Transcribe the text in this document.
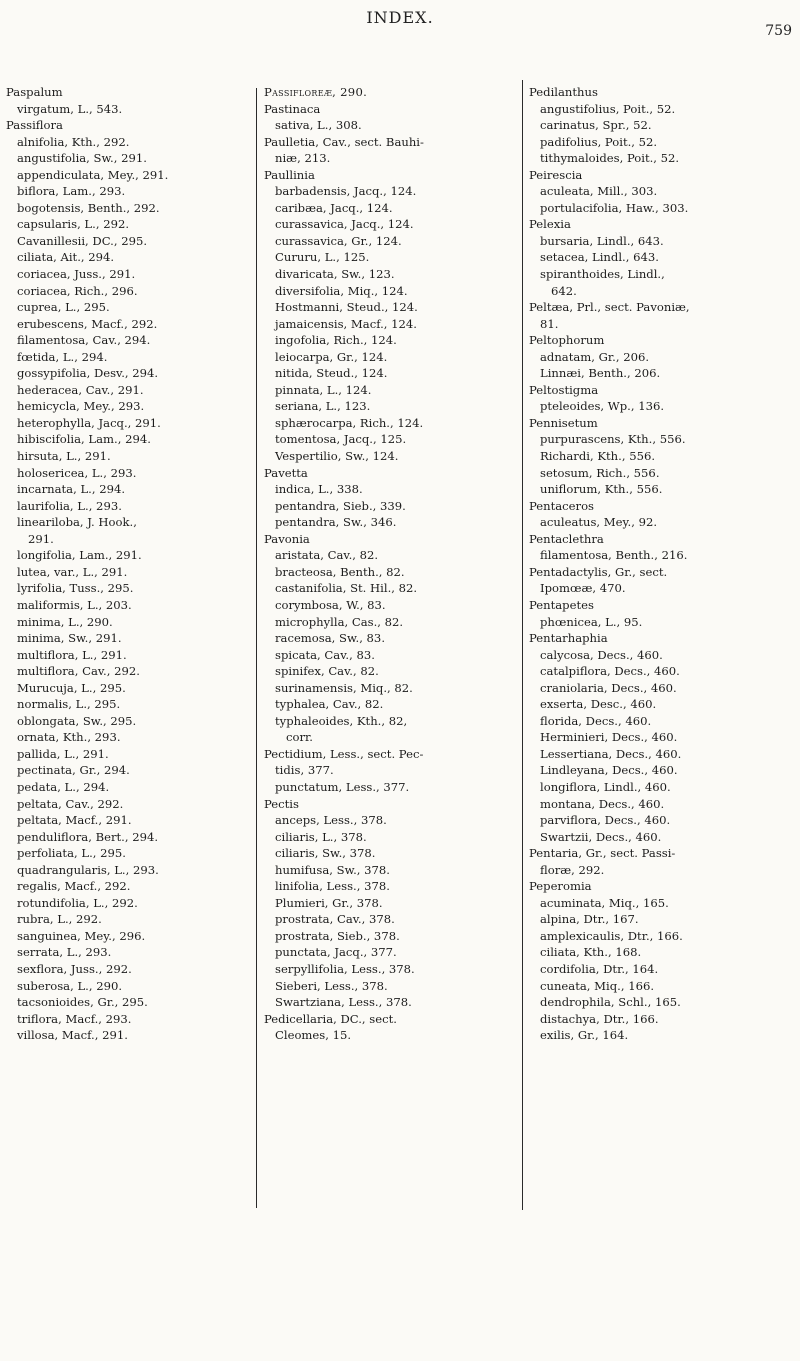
INDEX.
759
Paspalum
virgatum, L., 543.
Passiflora
alnifolia, Kth., 292.
angustifolia, Sw., 291.
appendiculata, Mey., 291.
biflora, Lam., 293.
bogotensis, Benth., 292.
capsularis, L., 292.
Cavanillesii, DC., 295.
ciliata, Ait., 294.
coriacea, Juss., 291.
coriacea, Rich., 296.
cuprea, L., 295.
erubescens, Macf., 292.
filamentosa, Cav., 294.
fœtida, L., 294.
gossypifolia, Desv., 294.
hederacea, Cav., 291.
hemicycla, Mey., 293.
heterophylla, Jacq., 291.
hibiscifolia, Lam., 294.
hirsuta, L., 291.
holosericea, L., 293.
incarnata, L., 294.
laurifolia, L., 293.
lineariloba, J. Hook.,
291.
longifolia, Lam., 291.
lutea, var., L., 291.
lyrifolia, Tuss., 295.
maliformis, L., 203.
minima, L., 290.
minima, Sw., 291.
multiflora, L., 291.
multiflora, Cav., 292.
Murucuja, L., 295.
normalis, L., 295.
oblongata, Sw., 295.
ornata, Kth., 293.
pallida, L., 291.
pectinata, Gr., 294.
pedata, L., 294.
peltata, Cav., 292.
peltata, Macf., 291.
penduliflora, Bert., 294.
perfoliata, L., 295.
quadrangularis, L., 293.
regalis, Macf., 292.
rotundifolia, L., 292.
rubra, L., 292.
sanguinea, Mey., 296.
serrata, L., 293.
sexflora, Juss., 292.
suberosa, L., 290.
tacsonioides, Gr., 295.
triflora, Macf., 293.
villosa, Macf., 291.
Passifloreæ, 290.
Pastinaca
sativa, L., 308.
Paulletia, Cav., sect. Bauhi-
niæ, 213.
Paullinia
barbadensis, Jacq., 124.
caribæa, Jacq., 124.
curassavica, Jacq., 124.
curassavica, Gr., 124.
Cururu, L., 125.
divaricata, Sw., 123.
diversifolia, Miq., 124.
Hostmanni, Steud., 124.
jamaicensis, Macf., 124.
ingofolia, Rich., 124.
leiocarpa, Gr., 124.
nitida, Steud., 124.
pinnata, L., 124.
seriana, L., 123.
sphærocarpa, Rich., 124.
tomentosa, Jacq., 125.
Vespertilio, Sw., 124.
Pavetta
indica, L., 338.
pentandra, Sieb., 339.
pentandra, Sw., 346.
Pavonia
aristata, Cav., 82.
bracteosa, Benth., 82.
castanifolia, St. Hil., 82.
corymbosa, W., 83.
microphylla, Cas., 82.
racemosa, Sw., 83.
spicata, Cav., 83.
spinifex, Cav., 82.
surinamensis, Miq., 82.
typhalea, Cav., 82.
typhaleoides, Kth., 82,
corr.
Pectidium, Less., sect. Pec-
tidis, 377.
punctatum, Less., 377.
Pectis
anceps, Less., 378.
ciliaris, L., 378.
ciliaris, Sw., 378.
humifusa, Sw., 378.
linifolia, Less., 378.
Plumieri, Gr., 378.
prostrata, Cav., 378.
prostrata, Sieb., 378.
punctata, Jacq., 377.
serpyllifolia, Less., 378.
Sieberi, Less., 378.
Swartziana, Less., 378.
Pedicellaria, DC., sect.
Cleomes, 15.
Pedilanthus
angustifolius, Poit., 52.
carinatus, Spr., 52.
padifolius, Poit., 52.
tithymaloides, Poit., 52.
Peirescia
aculeata, Mill., 303.
portulacifolia, Haw., 303.
Pelexia
bursaria, Lindl., 643.
setacea, Lindl., 643.
spiranthoides, Lindl.,
642.
Peltæa, Prl., sect. Pavoniæ,
81.
Peltophorum
adnatam, Gr., 206.
Linnæi, Benth., 206.
Peltostigma
pteleoides, Wp., 136.
Pennisetum
purpurascens, Kth., 556.
Richardi, Kth., 556.
setosum, Rich., 556.
uniflorum, Kth., 556.
Pentaceros
aculeatus, Mey., 92.
Pentaclethra
filamentosa, Benth., 216.
Pentadactylis, Gr., sect.
Ipomœæ, 470.
Pentapetes
phœnicea, L., 95.
Pentarhaphia
calycosa, Decs., 460.
catalpiflora, Decs., 460.
craniolaria, Decs., 460.
exserta, Desc., 460.
florida, Decs., 460.
Herminieri, Decs., 460.
Lessertiana, Decs., 460.
Lindleyana, Decs., 460.
longiflora, Lindl., 460.
montana, Decs., 460.
parviflora, Decs., 460.
Swartzii, Decs., 460.
Pentaria, Gr., sect. Passi-
floræ, 292.
Peperomia
acuminata, Miq., 165.
alpina, Dtr., 167.
amplexicaulis, Dtr., 166.
ciliata, Kth., 168.
cordifolia, Dtr., 164.
cuneata, Miq., 166.
dendrophila, Schl., 165.
distachya, Dtr., 166.
exilis, Gr., 164.
